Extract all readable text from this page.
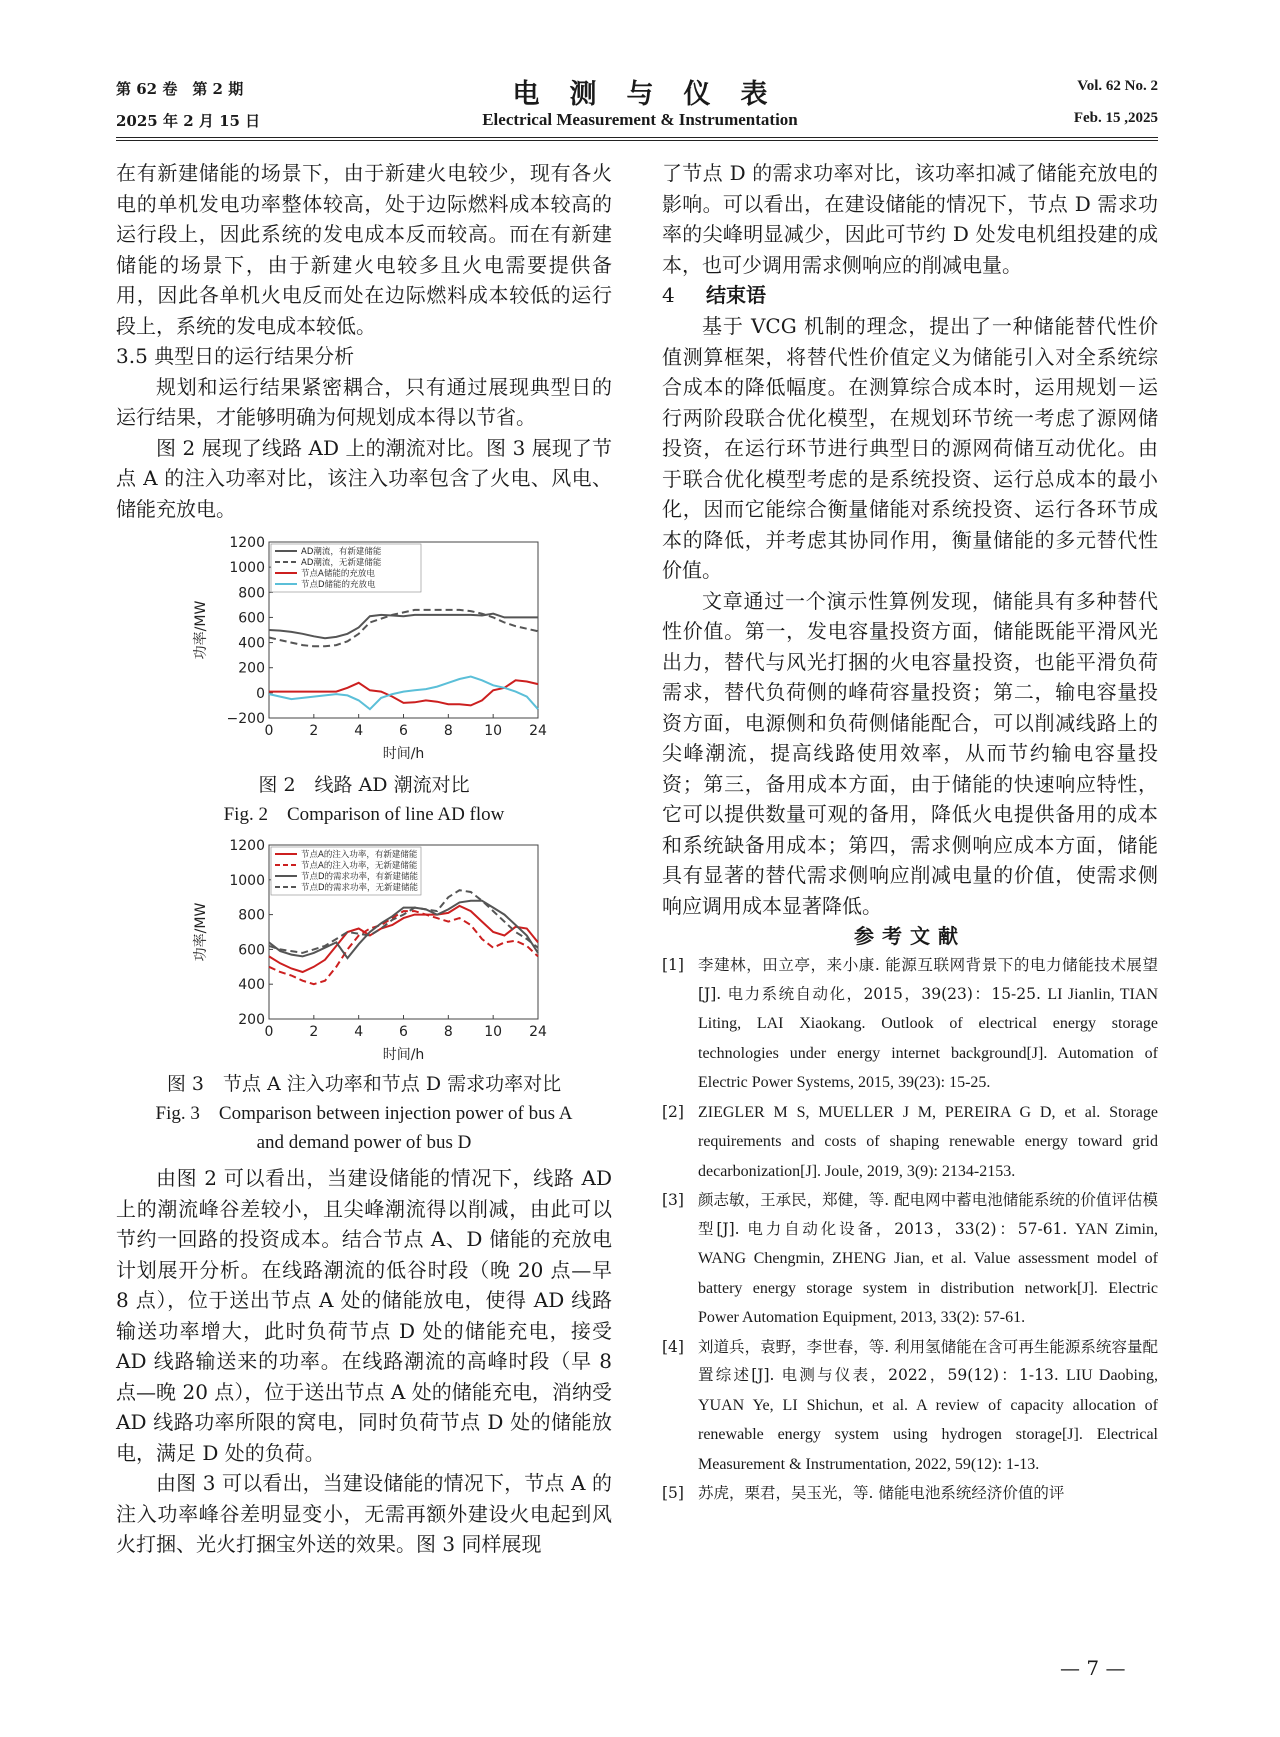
第 62 卷　第 2 期
2025 年 2 月 15 日
电测与仪表
Electrical Measurement & Instrumentation
Vol. 62 No. 2
Feb. 15 ,2025

在有新建储能的场景下，由于新建火电较少，现有各火电的单机发电功率整体较高，处于边际燃料成本较高的运行段上，因此系统的发电成本反而较高。而在有新建储能的场景下，由于新建火电较多且火电需要提供备用，因此各单机火电反而处在边际燃料成本较低的运行段上，系统的发电成本较低。

3.5 典型日的运行结果分析

规划和运行结果紧密耦合，只有通过展现典型日的运行结果，才能够明确为何规划成本得以节省。

图 2 展现了线路 AD 上的潮流对比。图 3 展现了节点 A 的注入功率对比，该注入功率包含了火电、风电、储能充放电。

1200
1000
800
600
400
200
0
−200
0	2	4	6	8 10 24
时间/h
功率/MW
AD潮流，有新建储能
AD潮流，无新建储能
节点A储能的充放电
节点D储能的充放电

图 2　线路 AD 潮流对比

Fig. 2　Comparison of line AD flow

1200
1000
800
600
400
200
0	2	4	6	8 10 24
时间/h
功率/MW
节点A的注入功率，有新建储能
节点A的注入功率，无新建储能
节点D的需求功率，有新建储能
节点D的需求功率，无新建储能

图 3　节点 A 注入功率和节点 D 需求功率对比

Fig. 3　Comparison between injection power of bus A

and demand power of bus D

由图 2 可以看出，当建设储能的情况下，线路 AD 上的潮流峰谷差较小，且尖峰潮流得以削减，由此可以节约一回路的投资成本。结合节点 A、D 储能的充放电计划展开分析。在线路潮流的低谷时段（晚 20 点—早 8 点），位于送出节点 A 处的储能放电，使得 AD 线路输送功率增大，此时负荷节点 D 处的储能充电，接受 AD 线路输送来的功率。在线路潮流的高峰时段（早 8 点—晚 20 点），位于送出节点 A 处的储能充电，消纳受 AD 线路功率所限的窝电，同时负荷节点 D 处的储能放电，满足 D 处的负荷。

由图 3 可以看出，当建设储能的情况下，节点 A 的注入功率峰谷差明显变小，无需再额外建设火电起到风火打捆、光火打捆宝外送的效果。图 3 同样展现

了节点 D 的需求功率对比，该功率扣减了储能充放电的影响。可以看出，在建设储能的情况下，节点 D 需求功率的尖峰明显减少，因此可节约 D 处发电机组投建的成本，也可少调用需求侧响应的削减电量。

4 结束语

基于 VCG 机制的理念，提出了一种储能替代性价值测算框架，将替代性价值定义为储能引入对全系统综合成本的降低幅度。在测算综合成本时，运用规划－运行两阶段联合优化模型，在规划环节统一考虑了源网储投资，在运行环节进行典型日的源网荷储互动优化。由于联合优化模型考虑的是系统投资、运行总成本的最小化，因而它能综合衡量储能对系统投资、运行各环节成本的降低，并考虑其协同作用，衡量储能的多元替代性价值。

文章通过一个演示性算例发现，储能具有多种替代性价值。第一，发电容量投资方面，储能既能平滑风光出力，替代与风光打捆的火电容量投资，也能平滑负荷需求，替代负荷侧的峰荷容量投资；第二，输电容量投资方面，电源侧和负荷侧储能配合，可以削减线路上的尖峰潮流，提高线路使用效率，从而节约输电容量投资；第三，备用成本方面，由于储能的快速响应特性，它可以提供数量可观的备用，降低火电提供备用的成本和系统缺备用成本；第四，需求侧响应成本方面，储能具有显著的替代需求侧响应削减电量的价值，使需求侧响应调用成本显著降低。

参考文献

[1] 李建林，田立亭，来小康. 能源互联网背景下的电力储能技术展望[J]. 电力系统自动化，2015，39(23)：15-25. LI Jianlin, TIAN Liting, LAI Xiaokang. Outlook of electrical energy storage technologies under energy internet background[J]. Automation of Electric Power Systems, 2015, 39(23): 15-25.
[2] ZIEGLER M S, MUELLER J M, PEREIRA G D, et al. Storage requirements and costs of shaping renewable energy toward grid decarbonization[J]. Joule, 2019, 3(9): 2134-2153.
[3] 颜志敏，王承民，郑健，等. 配电网中蓄电池储能系统的价值评估模型[J]. 电力自动化设备，2013，33(2)：57-61. YAN Zimin, WANG Chengmin, ZHENG Jian, et al. Value assessment model of battery energy storage system in distribution network[J]. Electric Power Automation Equipment, 2013, 33(2): 57-61.
[4] 刘道兵，袁野，李世春，等. 利用氢储能在含可再生能源系统容量配置综述[J]. 电测与仪表，2022，59(12)：1-13. LIU Daobing, YUAN Ye, LI Shichun, et al. A review of capacity allocation of renewable energy system using hydrogen storage[J]. Electrical Measurement & Instrumentation, 2022, 59(12): 1-13.
[5] 苏虎，栗君，吴玉光，等. 储能电池系统经济价值的评
— 7 —
